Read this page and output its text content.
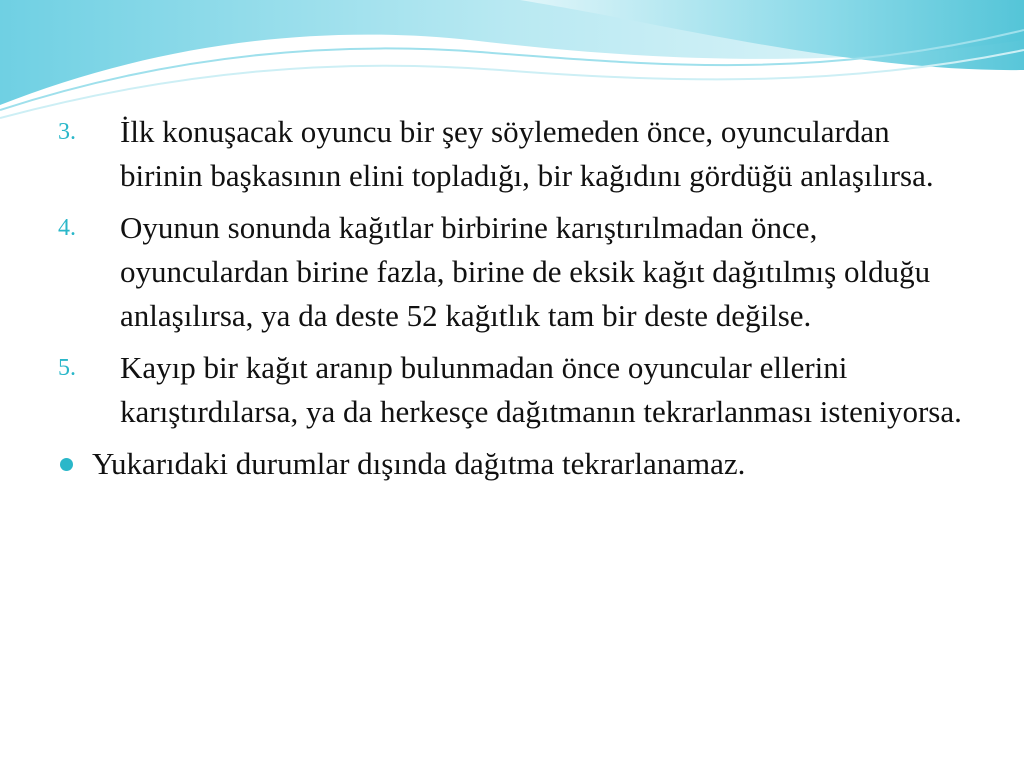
3.	İlk konuşacak oyuncu bir şey söylemeden önce, oyunculardan birinin başkasının elini topladığı, bir kağıdını gördüğü anlaşılırsa.
4.	Oyunun sonunda kağıtlar birbirine karıştırılmadan önce, oyunculardan birine fazla, birine de eksik kağıt dağıtılmış olduğu anlaşılırsa, ya da deste 52 kağıtlık tam bir deste değilse.
5.	Kayıp bir kağıt aranıp bulunmadan önce oyuncular ellerini karıştırdılarsa, ya da herkesçe dağıtmanın tekrarlanması isteniyorsa.
Yukarıdaki durumlar dışında dağıtma tekrarlanamaz.
